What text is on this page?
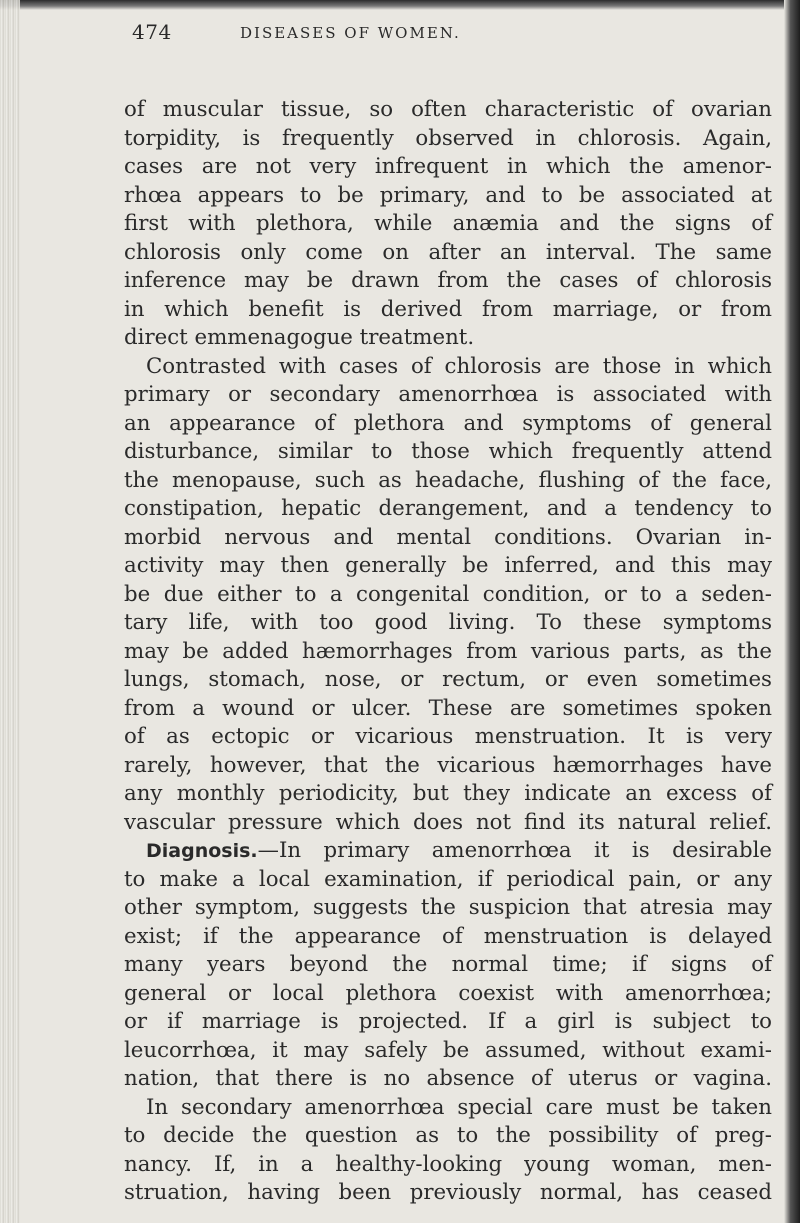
474	DISEASES OF WOMEN.
of muscular tissue, so often characteristic of ovarian
torpidity, is frequently observed in chlorosis. Again,
cases are not very infrequent in which the amenor-
rhœa appears to be primary, and to be associated at
first with plethora, while anæmia and the signs of
chlorosis only come on after an interval. The same
inference may be drawn from the cases of chlorosis
in which benefit is derived from marriage, or from
direct emmenagogue treatment.
Contrasted with cases of chlorosis are those in which
primary or secondary amenorrhœa is associated with
an appearance of plethora and symptoms of general
disturbance, similar to those which frequently attend
the menopause, such as headache, flushing of the face,
constipation, hepatic derangement, and a tendency to
morbid nervous and mental conditions. Ovarian in-
activity may then generally be inferred, and this may
be due either to a congenital condition, or to a seden-
tary life, with too good living. To these symptoms
may be added hæmorrhages from various parts, as the
lungs, stomach, nose, or rectum, or even sometimes
from a wound or ulcer. These are sometimes spoken
of as ectopic or vicarious menstruation. It is very
rarely, however, that the vicarious hæmorrhages have
any monthly periodicity, but they indicate an excess of
vascular pressure which does not find its natural relief.
Diagnosis.—In primary amenorrhœa it is desirable
to make a local examination, if periodical pain, or any
other symptom, suggests the suspicion that atresia may
exist; if the appearance of menstruation is delayed
many years beyond the normal time; if signs of
general or local plethora coexist with amenorrhœa;
or if marriage is projected. If a girl is subject to
leucorrhœa, it may safely be assumed, without exami-
nation, that there is no absence of uterus or vagina.
In secondary amenorrhœa special care must be taken
to decide the question as to the possibility of preg-
nancy. If, in a healthy-looking young woman, men-
struation, having been previously normal, has ceased
